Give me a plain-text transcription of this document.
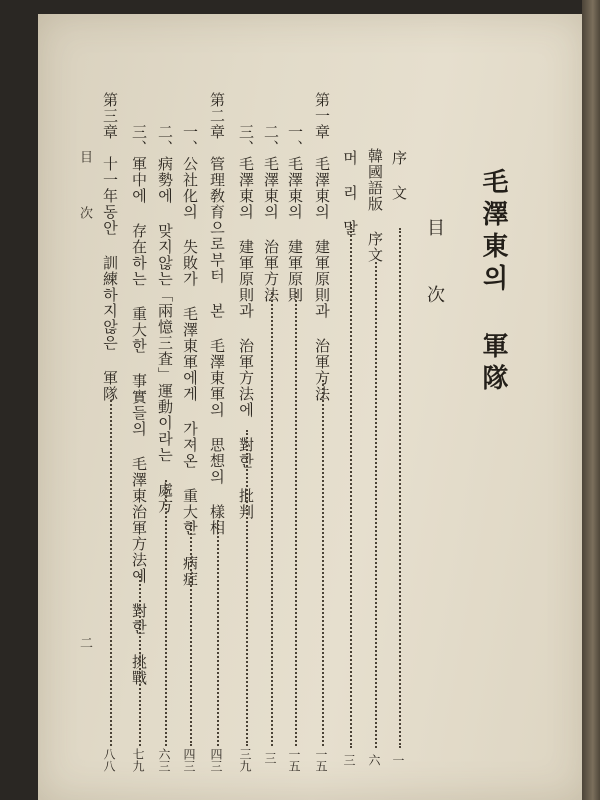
毛澤東의 軍隊
目 次
序 文
一
韓國語版 序文
六
머 리 말
三
第一章　毛澤東의 建軍原則과 治軍方法
一五
一、毛澤東의 建軍原則
一五
二、毛澤東의 治軍方法
三
三、毛澤東의 建軍原則과 治軍方法에 對한 批判
三九
第二章　管理敎育으로부터 본 毛澤東軍의 思想의 樣相
四三
一、公社化의 失敗가 毛澤東軍에게 가져온 重大한 病症
四三
二、病勢에 맞지않는「兩憶三査」運動이라는 處方
六三
三、軍中에 存在하는 重大한 事實들의 毛澤東治軍方法에 對한 挑戰
七九
第三章　十一年동안 訓練하지않은 軍隊
八八
目 次
二
